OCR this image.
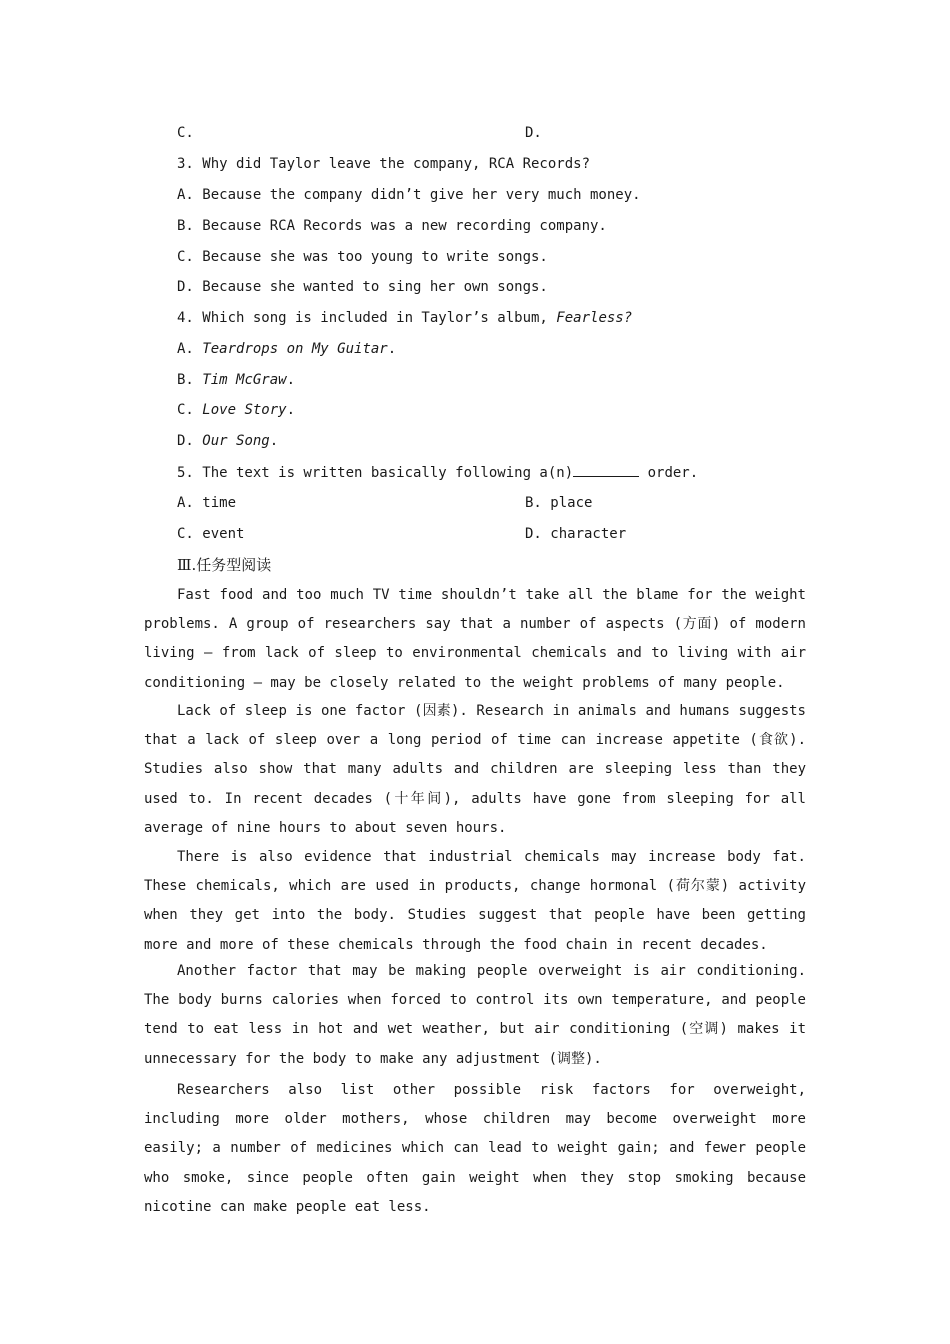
C.	D.
3. Why did Taylor leave the company, RCA Records?
A. Because the company didn’t give her very much money.
B. Because RCA Records was a new recording company.
C. Because she was too young to write songs.
D. Because she wanted to sing her own songs.
4. Which song is included in Taylor’s album, Fearless?
A. Teardrops on My Guitar.
B. Tim McGraw.
C. Love Story.
D. Our Song.
5. The text is written basically following a(n)	order.
A. time	B. place
C. event	D. character
Ⅲ.任务型阅读
Fast food and too much TV time shouldn’t take all the blame for the weight problems. A group of researchers say that a number of aspects (方面) of modern living — from lack of sleep to environmental chemicals and to living with air conditioning — may be closely related to the weight problems of many people.
Lack of sleep is one factor (因素). Research in animals and humans suggests that a lack of sleep over a long period of time can increase appetite (食欲). Studies also show that many adults and children are sleeping less than they used to. In recent decades (十年间), adults have gone from sleeping for all average of nine hours to about seven hours.
There is also evidence that industrial chemicals may increase body fat. These chemicals, which are used in products, change hormonal (荷尔蒙) activity when they get into the body. Studies suggest that people have been getting more and more of these chemicals through the food chain in recent decades.
Another factor that may be making people overweight is air conditioning. The body burns calories when forced to control its own temperature, and people tend to eat less in hot and wet weather, but air conditioning (空调) makes it unnecessary for the body to make any adjustment (调整).
Researchers also list other possible risk factors for overweight, including more older mothers, whose children may become overweight more easily; a number of medicines which can lead to weight gain; and fewer people who smoke, since people often gain weight when they stop smoking because nicotine can make people eat less.
